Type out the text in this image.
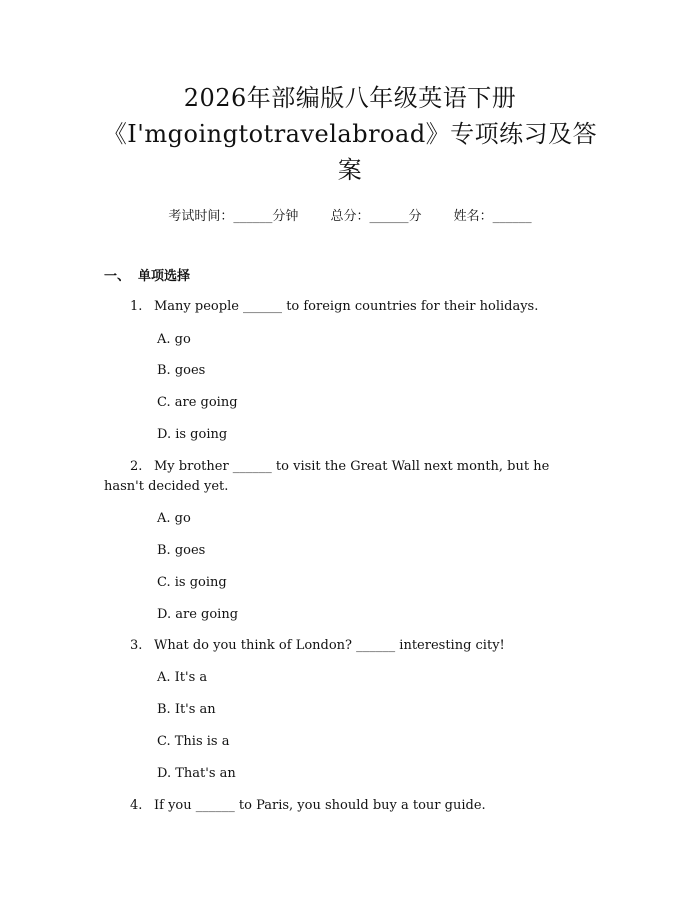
2026年部编版八年级英语下册
《I'mgoingtotravelabroad》专项练习及答
案
考试时间：______分钟 总分：______分 姓名：______
一、 单项选择
1. Many people ______ to foreign countries for their holidays.
A. go
B. goes
C. are going
D. is going
2. My brother ______ to visit the Great Wall next month, but he hasn't decided yet.
A. go
B. goes
C. is going
D. are going
3. What do you think of London? ______ interesting city!
A. It's a
B. It's an
C. This is a
D. That's an
4. If you ______ to Paris, you should buy a tour guide.
